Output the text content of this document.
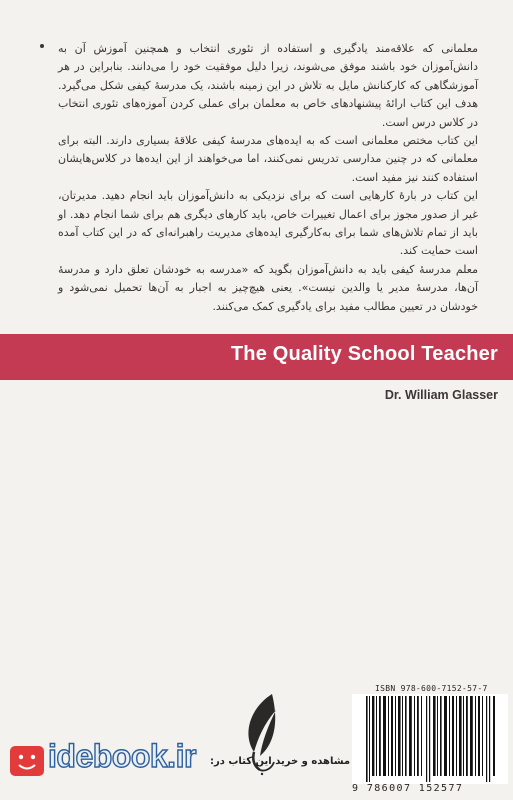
معلمانی که علاقه‌مند یادگیری و استفاده از تئوری انتخاب و همچنین آموزش آن به دانش‌آموزان خود باشند موفق می‌شوند، زیرا دلیل موفقیت خود را می‌دانند. بنابراین در هر آموزشگاهی که کارکنانش مایل به تلاش در این زمینه باشند، یک مدرسهٔ کیفی شکل می‌گیرد. هدف این کتاب ارائهٔ پیشنهادهای خاص به معلمان برای عملی کردن آموزه‌های تئوری انتخاب در کلاس درس است.

این کتاب مختص معلمانی است که به ایده‌های مدرسهٔ کیفی علاقهٔ بسیاری دارند. البته برای معلمانی که در چنین مدارسی تدریس نمی‌کنند، اما می‌خواهند از این ایده‌ها در کلاس‌هایشان استفاده کنند نیز مفید است.

این کتاب در بارهٔ کارهایی است که برای نزدیکی به دانش‌آموزان باید انجام دهید. مدیرتان، غیر از صدور مجوز برای اعمال تغییرات خاص، باید کارهای دیگری هم برای شما انجام دهد. او باید از تمام تلاش‌های شما برای به‌کارگیری ایده‌های مدیریت راهبرانه‌ای که در این کتاب آمده است حمایت کند.

معلم مدرسهٔ کیفی باید به دانش‌آموزان بگوید که «مدرسه به خودشان تعلق دارد و مدرسهٔ آن‌ها، مدرسهٔ مدیر یا والدین نیست». یعنی هیچ‌چیز به اجبار به آن‌ها تحمیل نمی‌شود و خودشان در تعیین مطالب مفید برای یادگیری کمک می‌کنند.

The Quality School Teacher
Dr. William Glasser
ISBN 978-600-7152-57-7
9 786007 152577
idebook.ir مشاهده و خرید این کتاب در:
